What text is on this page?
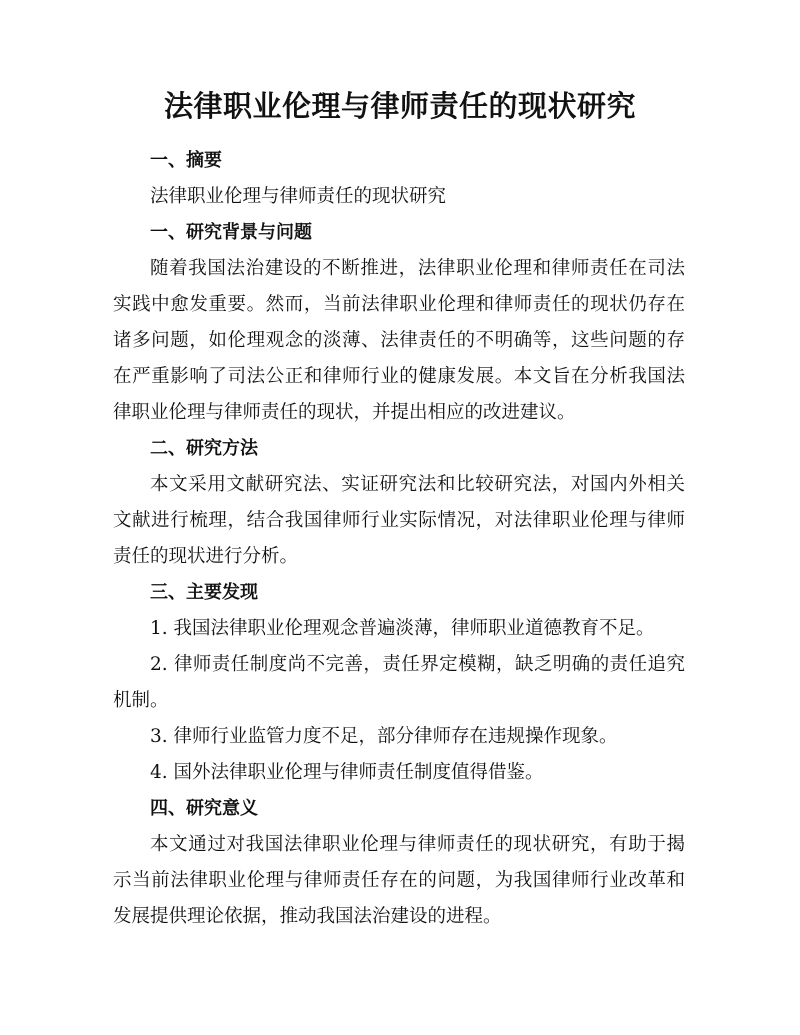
法律职业伦理与律师责任的现状研究

一、摘要

法律职业伦理与律师责任的现状研究

一、研究背景与问题

随着我国法治建设的不断推进，法律职业伦理和律师责任在司法实践中愈发重要。然而，当前法律职业伦理和律师责任的现状仍存在诸多问题，如伦理观念的淡薄、法律责任的不明确等，这些问题的存在严重影响了司法公正和律师行业的健康发展。本文旨在分析我国法律职业伦理与律师责任的现状，并提出相应的改进建议。

二、研究方法

本文采用文献研究法、实证研究法和比较研究法，对国内外相关文献进行梳理，结合我国律师行业实际情况，对法律职业伦理与律师责任的现状进行分析。

三、主要发现

1. 我国法律职业伦理观念普遍淡薄，律师职业道德教育不足。

2. 律师责任制度尚不完善，责任界定模糊，缺乏明确的责任追究机制。

3. 律师行业监管力度不足，部分律师存在违规操作现象。

4. 国外法律职业伦理与律师责任制度值得借鉴。

四、研究意义

本文通过对我国法律职业伦理与律师责任的现状研究，有助于揭示当前法律职业伦理与律师责任存在的问题，为我国律师行业改革和发展提供理论依据，推动我国法治建设的进程。
